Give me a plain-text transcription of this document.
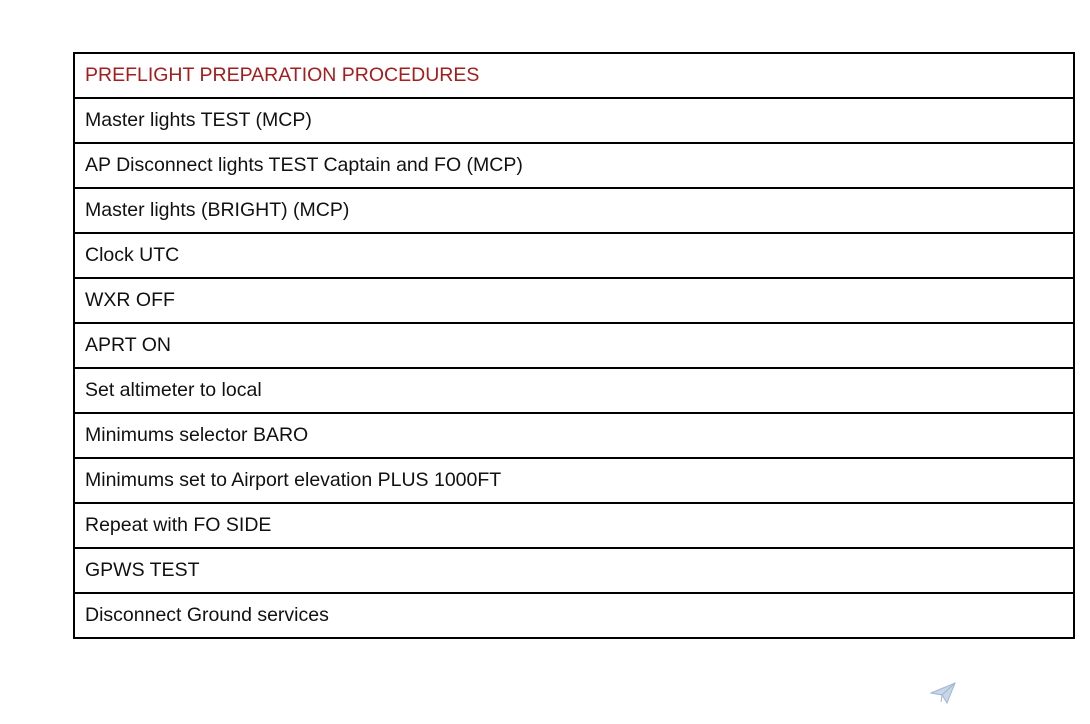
PREFLIGHT PREPARATION PROCEDURES
Master lights TEST (MCP)
AP Disconnect lights TEST Captain and FO (MCP)
Master lights (BRIGHT) (MCP)
Clock UTC
WXR OFF
APRT ON
Set altimeter to local
Minimums selector BARO
Minimums set to Airport elevation PLUS 1000FT
Repeat with FO SIDE
GPWS TEST
Disconnect Ground services
